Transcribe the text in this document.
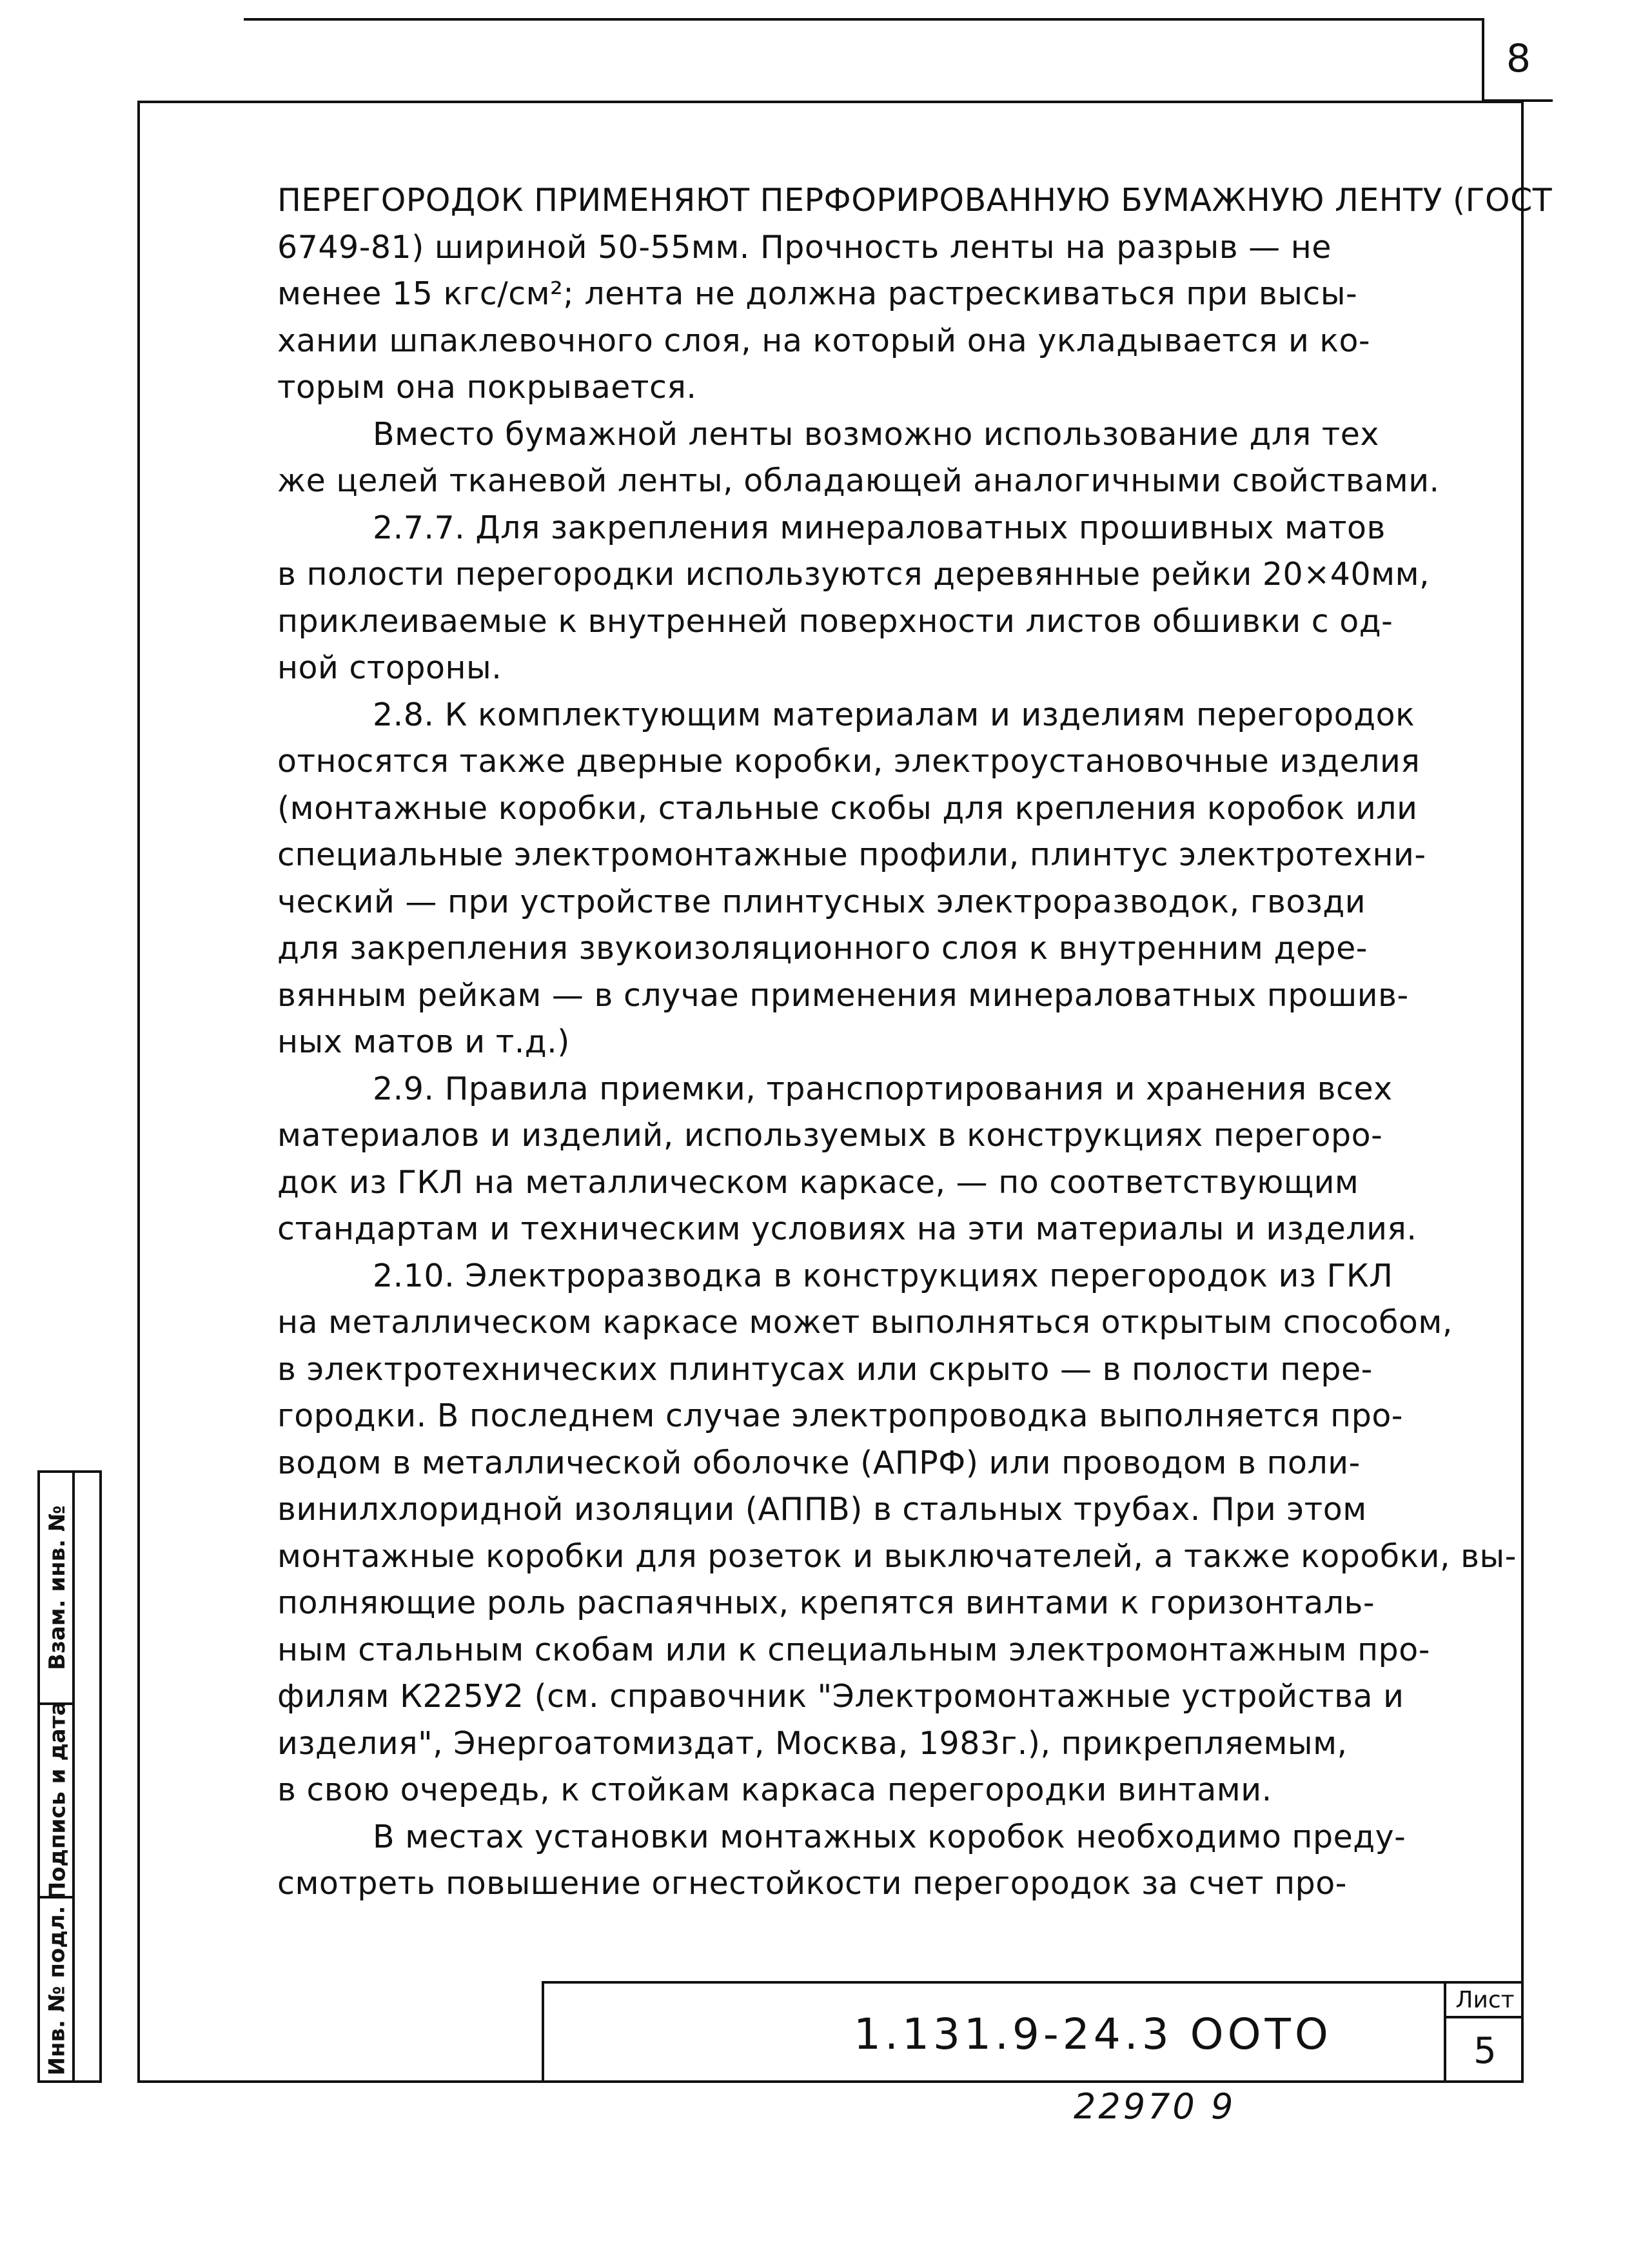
8

ПЕРЕГОРОДОК ПРИМЕНЯЮТ ПЕРФОРИРОВАННУЮ БУМАЖНУЮ ЛЕНТУ (ГОСТ

6749-81) шириной 50-55мм. Прочность ленты на разрыв — не

менее 15 кгс/см²; лента не должна растрескиваться при высы-

хании шпаклевочного слоя, на который она укладывается и ко-

торым она покрывается.

Вместо бумажной ленты возможно использование для тех

же целей тканевой ленты, обладающей аналогичными свойствами.

2.7.7. Для закрепления минераловатных прошивных матов

в полости перегородки используются деревянные рейки 20×40мм,

приклеиваемые к внутренней поверхности листов обшивки с од-

ной стороны.

2.8. К комплектующим материалам и изделиям перегородок

относятся также дверные коробки, электроустановочные изделия

(монтажные коробки, стальные скобы для крепления коробок или

специальные электромонтажные профили, плинтус электротехни-

ческий — при устройстве плинтусных электроразводок, гвозди

для закрепления звукоизоляционного слоя к внутренним дере-

вянным рейкам — в случае применения минераловатных прошив-

ных матов и т.д.)

2.9. Правила приемки, транспортирования и хранения всех

материалов и изделий, используемых в конструкциях перегоро-

док из ГКЛ на металлическом каркасе, — по соответствующим

стандартам и техническим условиях на эти материалы и изделия.

2.10. Электроразводка в конструкциях перегородок из ГКЛ

на металлическом каркасе может выполняться открытым способом,

в электротехнических плинтусах или скрыто — в полости пере-

городки. В последнем случае электропроводка выполняется про-

водом в металлической оболочке (АПРФ) или проводом в поли-

винилхлоридной изоляции (АППВ) в стальных трубах. При этом

монтажные коробки для розеток и выключателей, а также коробки, вы-

полняющие роль распаячных, крепятся винтами к горизонталь-

ным стальным скобам или к специальным электромонтажным про-

филям К225У2 (см. справочник "Электромонтажные устройства и

изделия", Энергоатомиздат, Москва, 1983г.), прикрепляемым,

в свою очередь, к стойкам каркаса перегородки винтами.

В местах установки монтажных коробок необходимо преду-

смотреть повышение огнестойкости перегородок за счет про-

Инв. № подл.
Подпись и дата
Взам. инв. №
1.131.9-24.3 ООТО
Лист
5
22970 9
